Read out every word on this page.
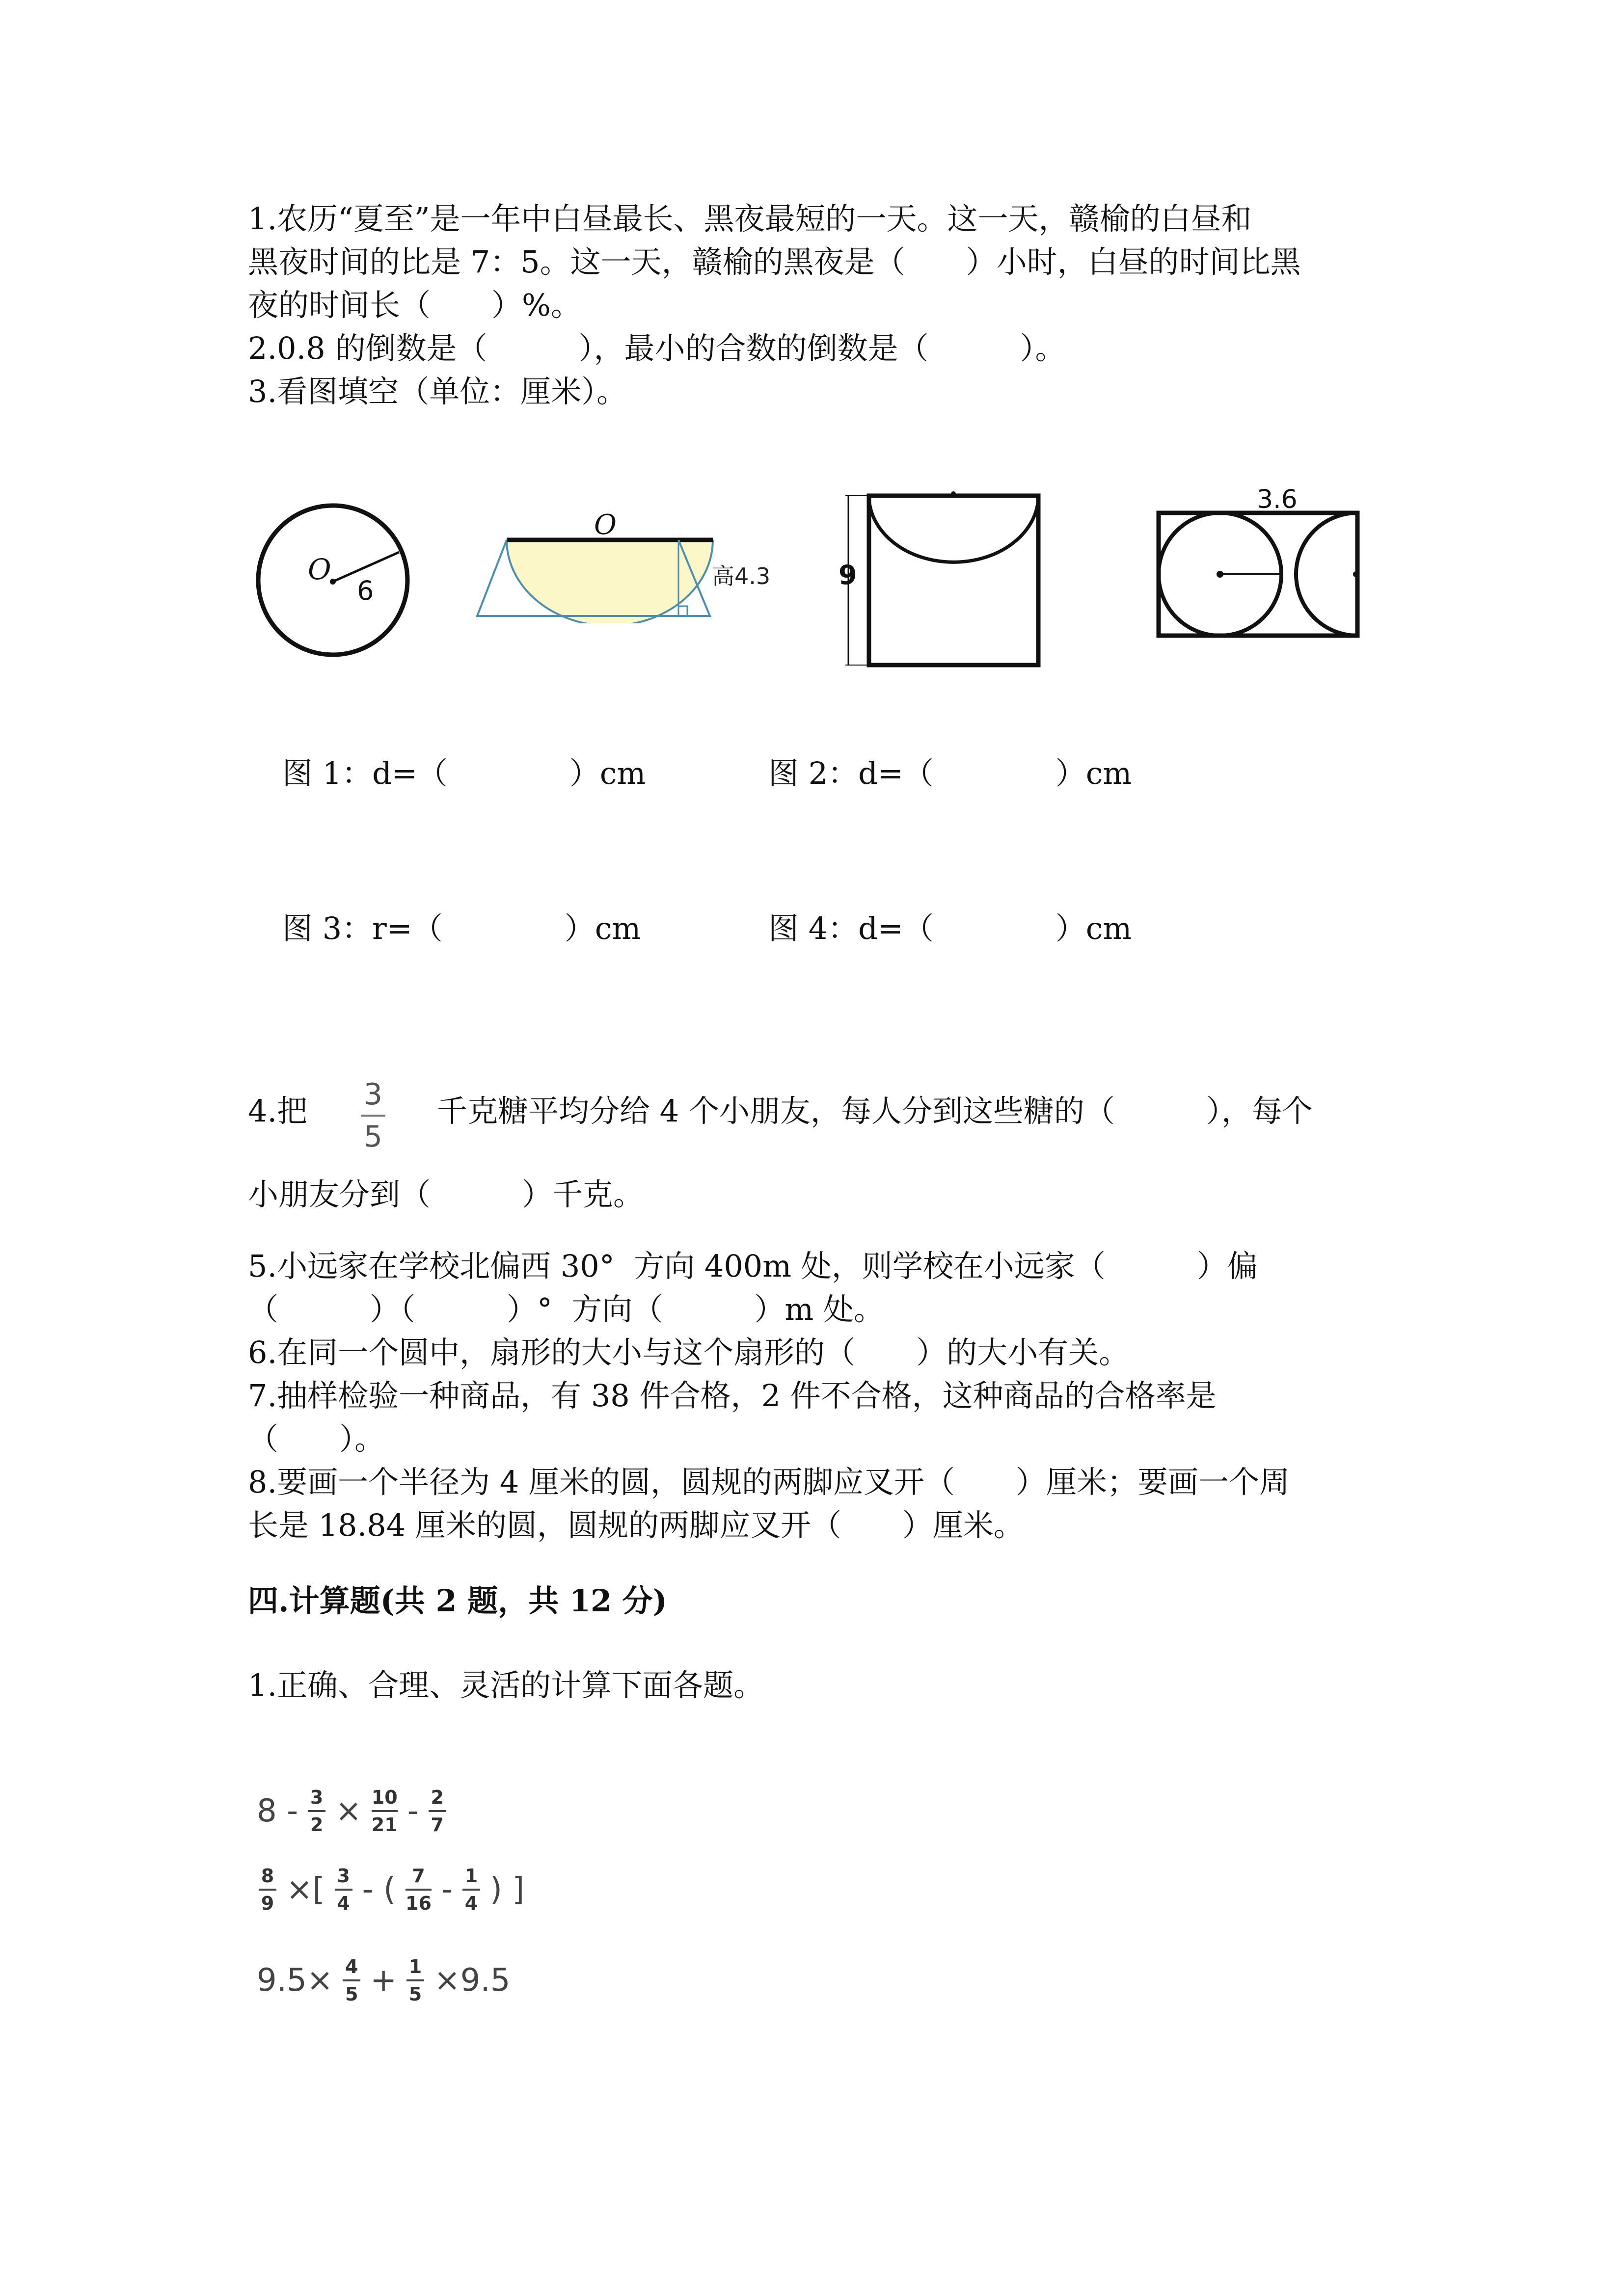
1.农历“夏至”是一年中白昼最长、黑夜最短的一天。这一天，赣榆的白昼和
黑夜时间的比是 7：5。这一天，赣榆的黑夜是（　　）小时，白昼的时间比黑
夜的时间长（　　）%。
2.0.8 的倒数是（　　　），最小的合数的倒数是（　　　）。
3.看图填空（单位：厘米）。
O
6
O
高4.3	9
3.6
图 1：d=（　　　　）cm	图 2：d=（　　　　）cm
图 3：r=（　　　　）cm	图 4：d=（　　　　）cm
4.把 3
5
千克糖平均分给 4 个小朋友，每人分到这些糖的（　　　），每个
小朋友分到（　　　）千克。
5.小远家在学校北偏西 30°  方向 400m 处，则学校在小远家（　　　）偏
（　　　）（　　　）°  方向（　　　）m 处。
6.在同一个圆中，扇形的大小与这个扇形的（　　）的大小有关。
7.抽样检验一种商品，有 38 件合格，2 件不合格，这种商品的合格率是
（　　）。
8.要画一个半径为 4 厘米的圆，圆规的两脚应叉开（　　）厘米；要画一个周
长是 18.84 厘米的圆，圆规的两脚应叉开（　　）厘米。
四.计算题(共 2 题，共 12 分)
1.正确、合理、灵活的计算下面各题。
8 - 3
2 × 10
21 - 2
7
8
9 ×[ 3
4 - ( 7
16 - 1
4 ) ]
9.5× 4
5 + 1
5 ×9.5
